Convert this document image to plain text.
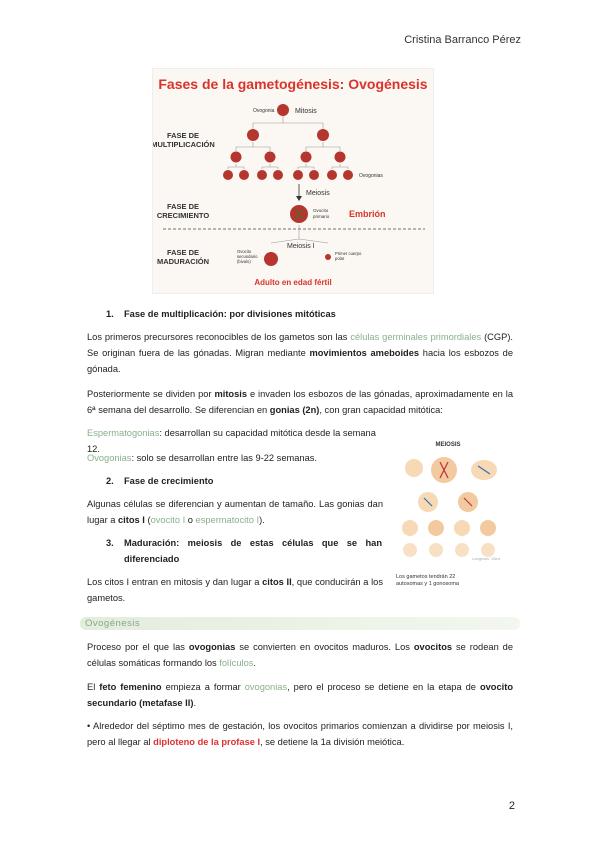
Cristina Barranco Pérez
Fases de la gametogénesis: Ovogénesis
Ovogonia	Mitosis
FASE DE
MULTIPLICACIÓN
Ovogonias
Meiosis
FASE DE
CRECIMIENTO
Ovocito
primario Embrión
FASE DE
MADURACIÓN
Meiosis I
Ovocito
secundario
(bivalo)
Primer cuerpo
polar
Adulto en edad fértil
1. Fase de multiplicación: por divisiones mitóticas
Los primeros precursores reconocibles de los gametos son las células germinales primordiales (CGP). Se originan fuera de las gónadas. Migran mediante movimientos ameboides hacia los esbozos de gónada.
Posteriormente se dividen por mitosis e invaden los esbozos de las gónadas, aproximadamente en la 6ª semana del desarrollo. Se diferencian en gonias (2n), con gran capacidad mitótica:
Espermatogonias: desarrollan su capacidad mitótica desde la semana 12.
Ovogonias: solo se desarrollan entre las 9-22 semanas.
2. Fase de crecimiento
Algunas células se diferencian y aumentan de tamaño. Las gonias dan lugar a citos I (ovocito I o espermatocito I).
3. Maduración: meiosis de estas células que se han diferenciado
Los citos I entran en mitosis y dan lugar a citos II, que conducirán a los gametos.
MEIOSIS
Langman, 15ed
Los gametos tendrán 22
autosomas y 1 gonosoma
Ovogénesis
Proceso por el que las ovogonias se convierten en ovocitos maduros. Los ovocitos se rodean de células somáticas formando los folículos.
El feto femenino empieza a formar ovogonias, pero el proceso se detiene en la etapa de ovocito secundario (metafase II).
• Alrededor del séptimo mes de gestación, los ovocitos primarios comienzan a dividirse por meiosis I, pero al llegar al diploteno de la profase I, se detiene la 1a división meiótica.
2
